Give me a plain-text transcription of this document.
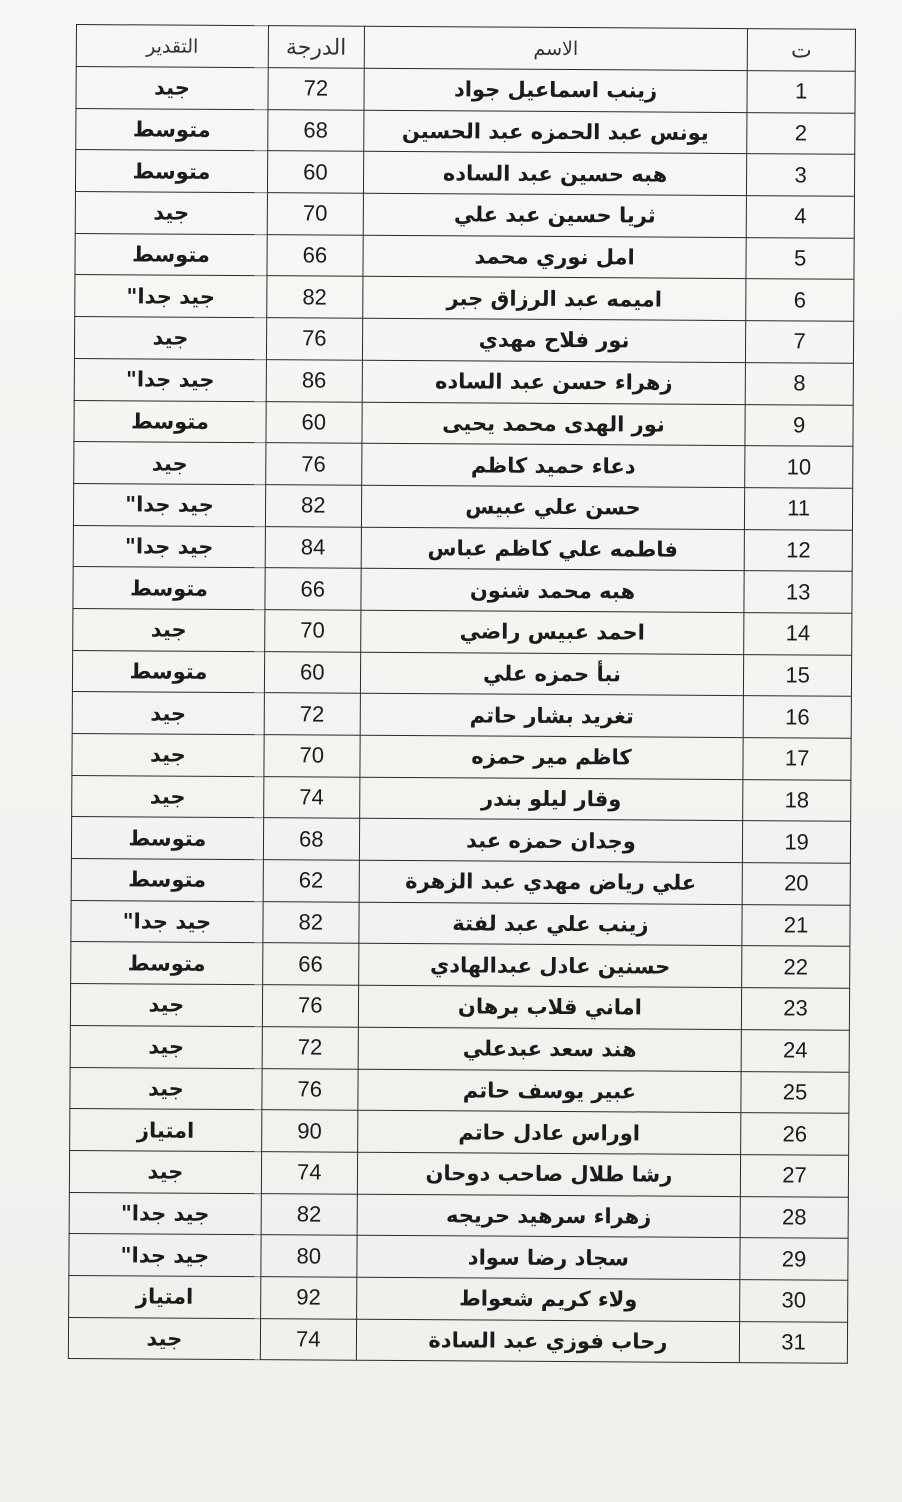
ت	الاسم	الدرجة	التقدير
1	زينب اسماعيل جواد	72	جيد
2	يونس عبد الحمزه عبد الحسين	68	متوسط
3	هبه حسين عبد الساده	60	متوسط
4	ثريا حسين عبد علي	70	جيد
5	امل نوري محمد	66	متوسط
6	اميمه عبد الرزاق جبر	82	جيد جدا"
7	نور فلاح مهدي	76	جيد
8	زهراء حسن عبد الساده	86	جيد جدا"
9	نور الهدى محمد يحيى	60	متوسط
10	دعاء حميد كاظم	76	جيد
11	حسن علي عبيس	82	جيد جدا"
12	فاطمه علي كاظم عباس	84	جيد جدا"
13	هبه محمد شنون	66	متوسط
14	احمد عبيس راضي	70	جيد
15	نبأ حمزه علي	60	متوسط
16	تغريد بشار حاتم	72	جيد
17	كاظم مير حمزه	70	جيد
18	وقار ليلو بندر	74	جيد
19	وجدان حمزه عبد	68	متوسط
20	علي رياض مهدي عبد الزهرة	62	متوسط
21	زينب علي عبد لفتة	82	جيد جدا"
22	حسنين عادل عبدالهادي	66	متوسط
23	اماني قلاب برهان	76	جيد
24	هند سعد عبدعلي	72	جيد
25	عبير يوسف حاتم	76	جيد
26	اوراس عادل حاتم	90	امتياز
27	رشا طلال صاحب دوحان	74	جيد
28	زهراء سرهيد حريجه	82	جيد جدا"
29	سجاد رضا سواد	80	جيد جدا"
30	ولاء كريم شعواط	92	امتياز
31	رحاب فوزي عبد السادة	74	جيد
